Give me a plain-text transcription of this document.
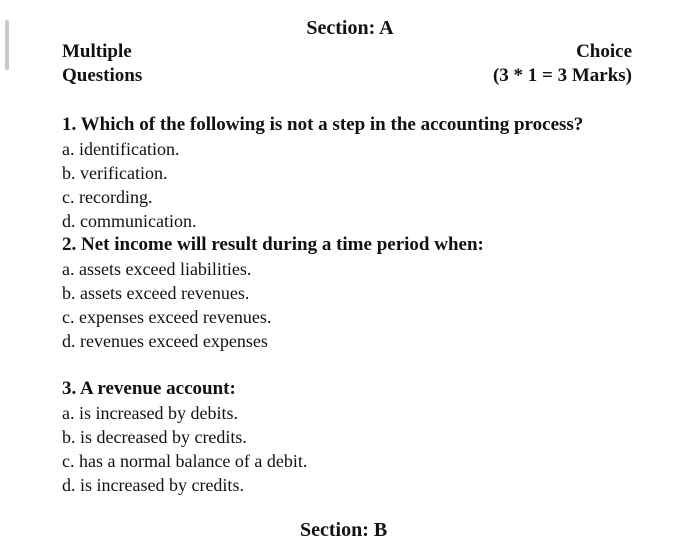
Section: A
Multiple
Questions
Choice
(3 * 1 = 3 Marks)
1. Which of the following is not a step in the accounting process?
a. identification.
b. verification.
c. recording.
d. communication.
2. Net income will result during a time period when:
a. assets exceed liabilities.
b. assets exceed revenues.
c. expenses exceed revenues.
d. revenues exceed expenses
3. A revenue account:
a. is increased by debits.
b. is decreased by credits.
c. has a normal balance of a debit.
d. is increased by credits.
Section: B
